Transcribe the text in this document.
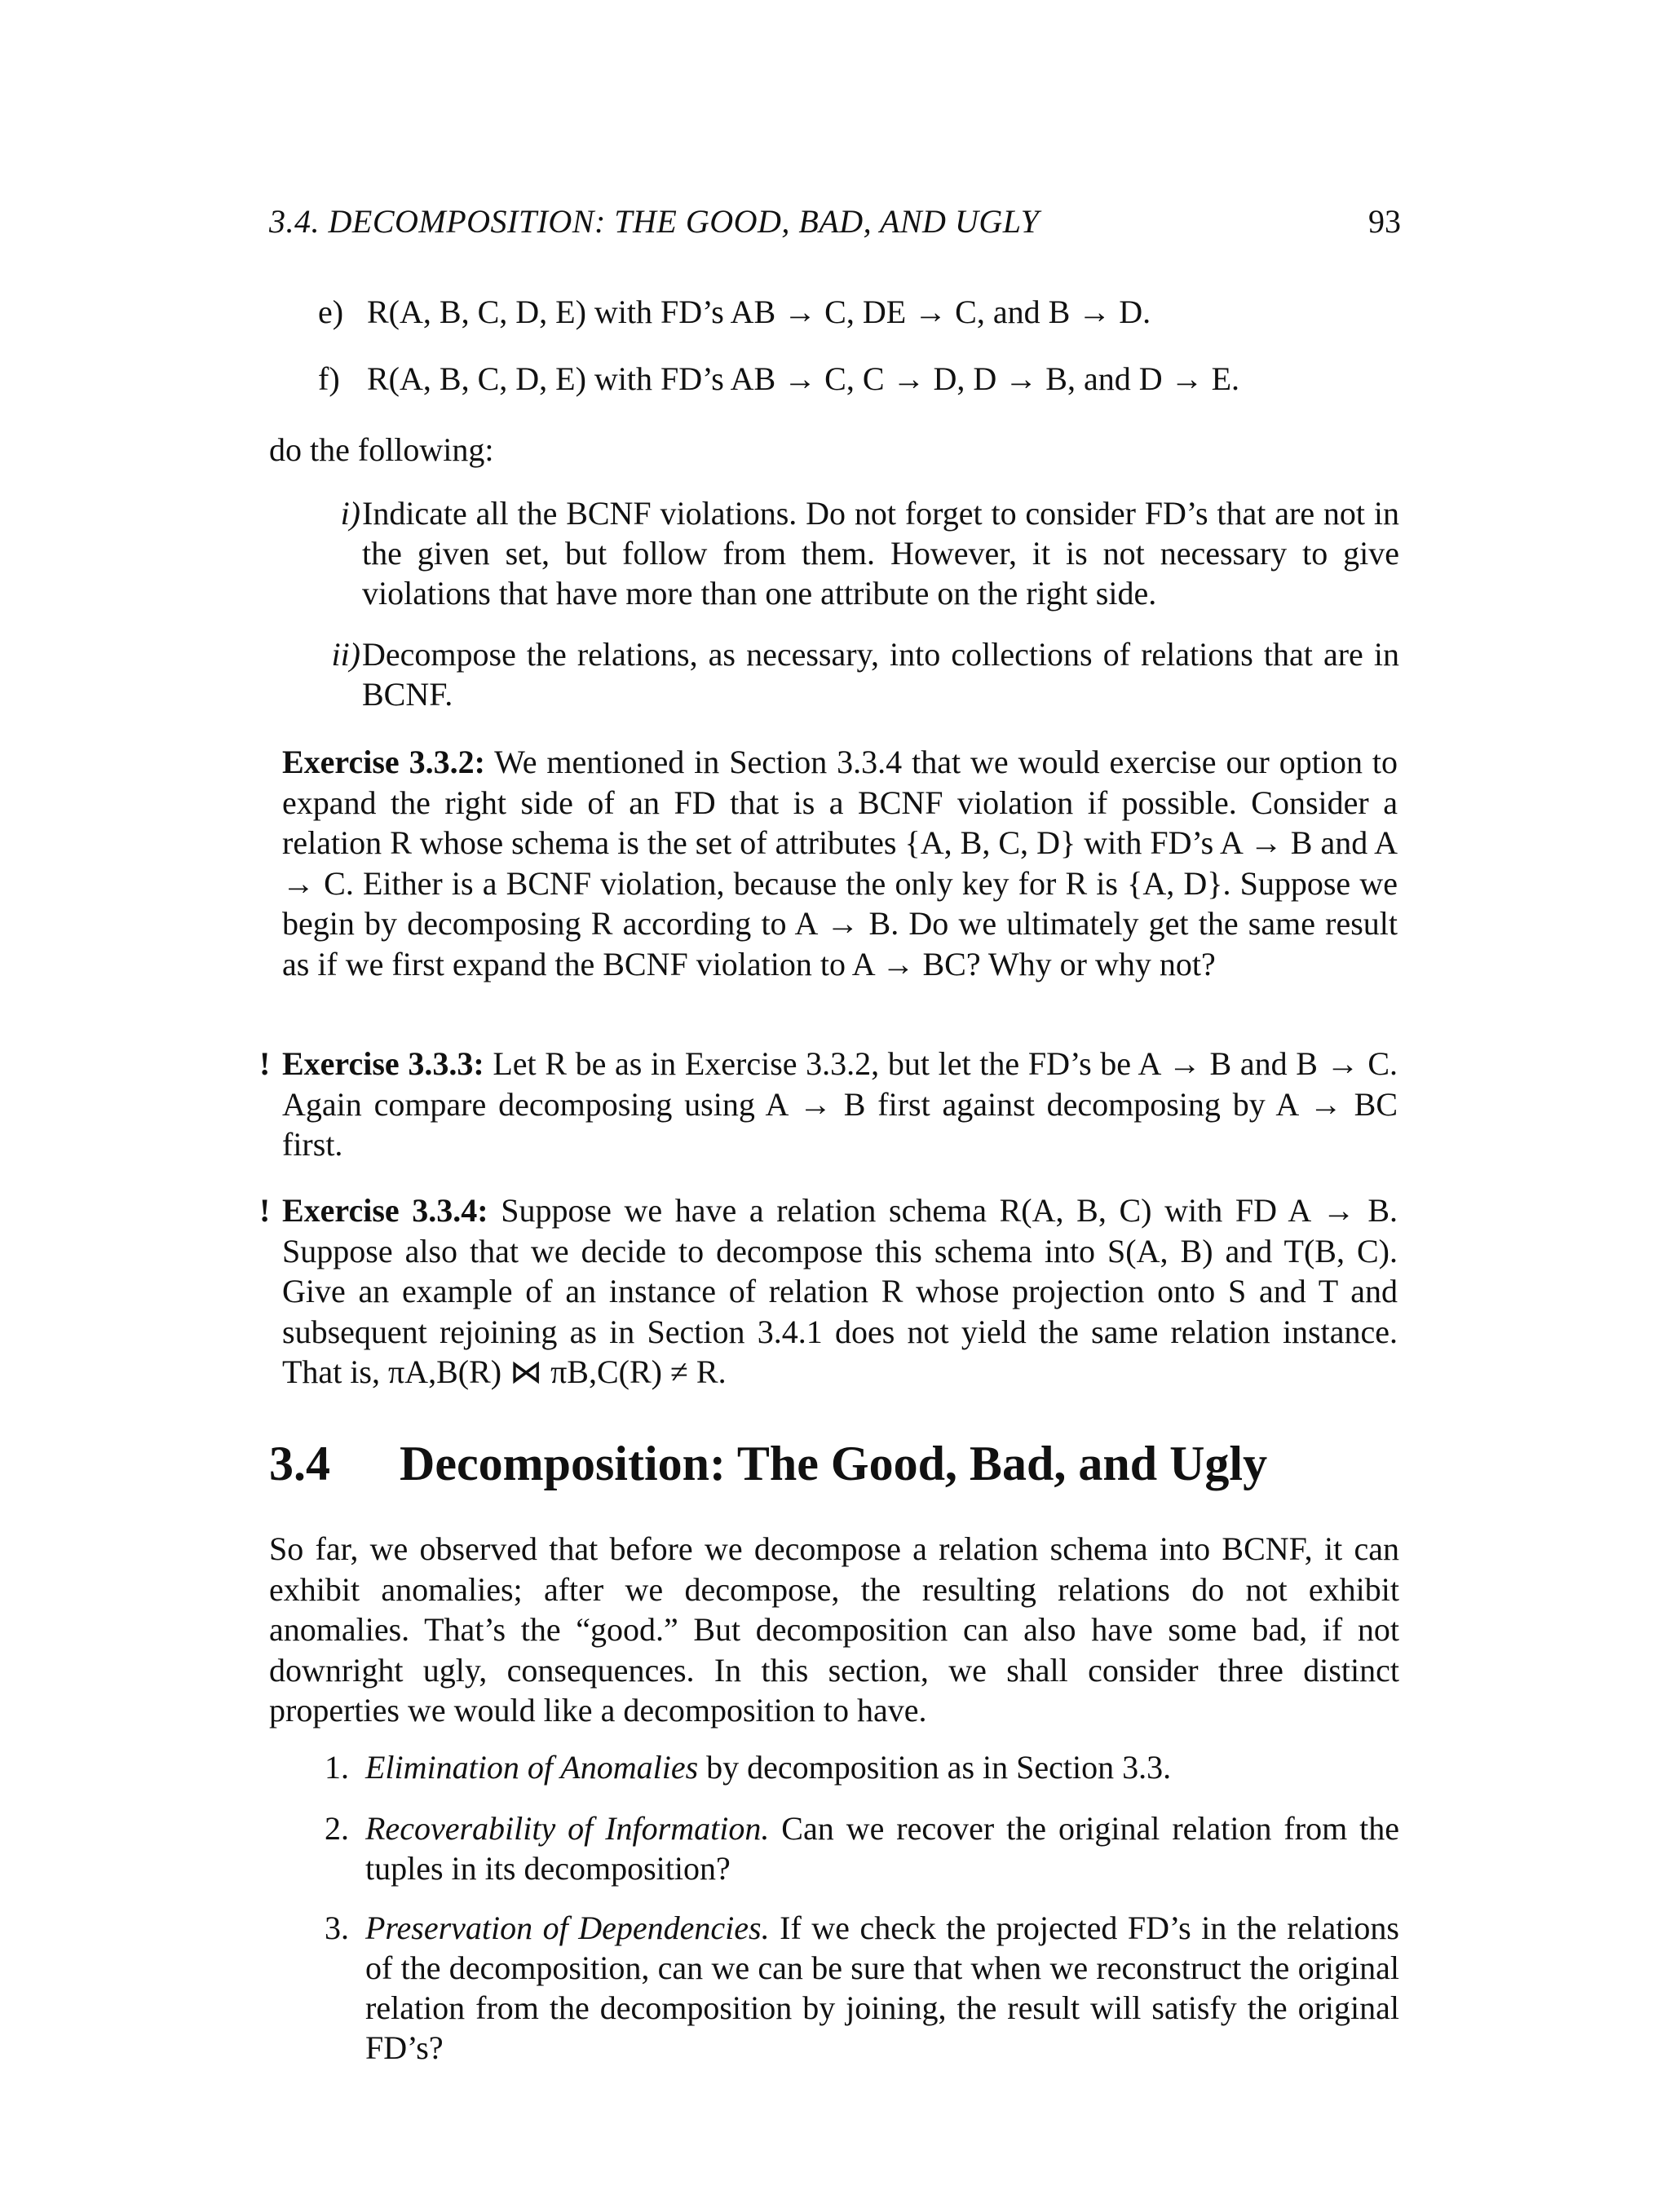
3.4. DECOMPOSITION: THE GOOD, BAD, AND UGLY	93
e) R(A, B, C, D, E) with FD’s AB → C, DE → C, and B → D.
f) R(A, B, C, D, E) with FD’s AB → C, C → D, D → B, and D → E.
do the following:
i) Indicate all the BCNF violations. Do not forget to consider FD’s that are not in the given set, but follow from them. However, it is not necessary to give violations that have more than one attribute on the right side.
ii) Decompose the relations, as necessary, into collections of relations that are in BCNF.
Exercise 3.3.2: We mentioned in Section 3.3.4 that we would exercise our option to expand the right side of an FD that is a BCNF violation if possible. Consider a relation R whose schema is the set of attributes {A, B, C, D} with FD’s A → B and A → C. Either is a BCNF violation, because the only key for R is {A, D}. Suppose we begin by decomposing R according to A → B. Do we ultimately get the same result as if we first expand the BCNF violation to A → BC? Why or why not?
! Exercise 3.3.3: Let R be as in Exercise 3.3.2, but let the FD’s be A → B and B → C. Again compare decomposing using A → B first against decomposing by A → BC first.
! Exercise 3.3.4: Suppose we have a relation schema R(A, B, C) with FD A → B. Suppose also that we decide to decompose this schema into S(A, B) and T(B, C). Give an example of an instance of relation R whose projection onto S and T and subsequent rejoining as in Section 3.4.1 does not yield the same relation instance. That is, πA,B(R) ⋈ πB,C(R) ≠ R.
3.4 Decomposition: The Good, Bad, and Ugly
So far, we observed that before we decompose a relation schema into BCNF, it can exhibit anomalies; after we decompose, the resulting relations do not exhibit anomalies. That’s the “good.” But decomposition can also have some bad, if not downright ugly, consequences. In this section, we shall consider three distinct properties we would like a decomposition to have.
1. Elimination of Anomalies by decomposition as in Section 3.3.
2. Recoverability of Information. Can we recover the original relation from the tuples in its decomposition?
3. Preservation of Dependencies. If we check the projected FD’s in the relations of the decomposition, can we can be sure that when we reconstruct the original relation from the decomposition by joining, the result will satisfy the original FD’s?
